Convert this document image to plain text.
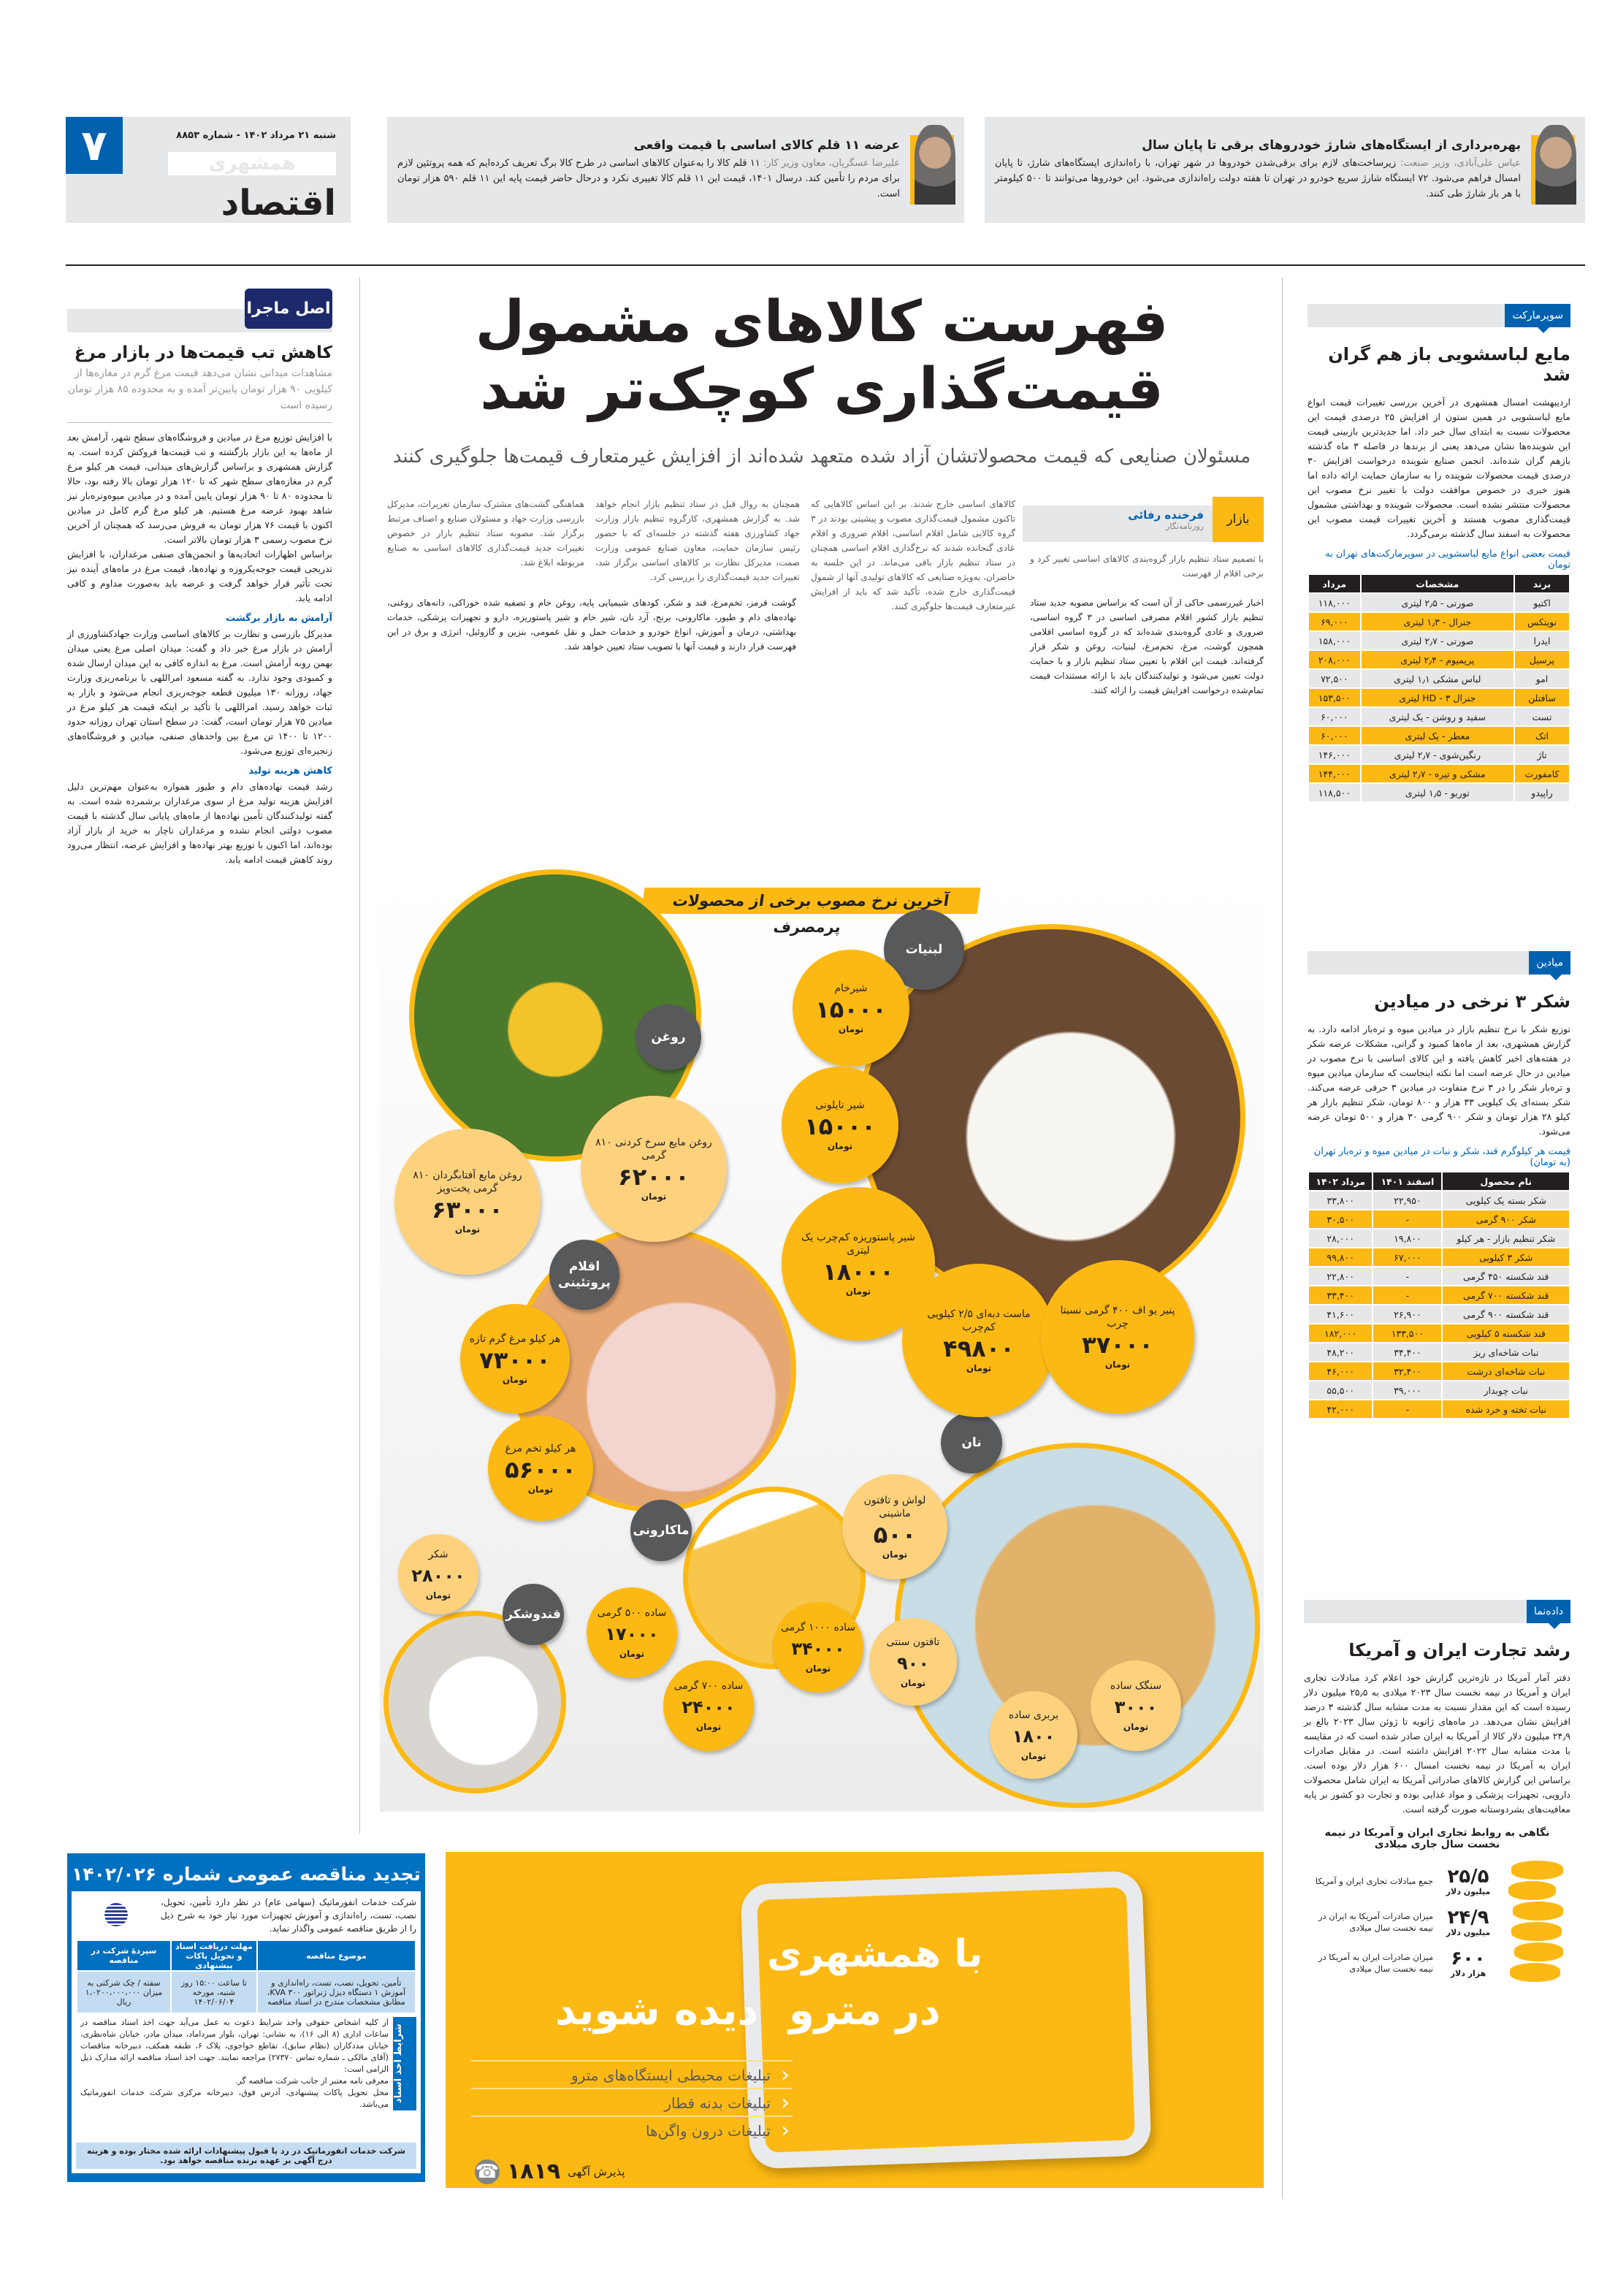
۷	شنبه ۲۱ مرداد ۱۴۰۲ - شماره ۸۸۵۳
همشهری
اقتصاد
عرضه ۱۱ قلم کالای اساسی با قیمت واقعی
علیرضا عسگریان، معاون وزیر کار: ۱۱ قلم کالا را به‌عنوان کالاهای اساسی در طرح کالا برگ تعریف کرده‌ایم که همه پروتئین لازم برای مردم را تأمین کند. درسال ۱۴۰۱، قیمت این ۱۱ قلم کالا تغییری نکرد و درحال حاضر قیمت پایه این ۱۱ قلم ۵۹۰ هزار تومان است.
بهره‌برداری از ایستگاه‌های شارژ خودروهای برقی تا پایان سال
عباس علی‌آبادی، وزیر صنعت: زیرساخت‌های لازم برای برقی‌شدن خودروها در شهر تهران، با راه‌اندازی ایستگاه‌های شارژ، تا پایان امسال فراهم می‌شود. ۷۲ ایستگاه شارژ سریع خودرو در تهران تا هفته دولت راه‌اندازی می‌شود. این خودروها می‌توانند تا ۵۰۰ کیلومتر با هر بار شارژ طی کنند.
اصل ماجرا
کاهش تب قیمت‌ها در بازار مرغ
مشاهدات میدانی نشان می‌دهد قیمت مرغ گرم در مغازه‌ها از کیلویی ۹۰ هزار تومان پایین‌تر آمده و به محدوده ۸۵ هزار تومان رسیده است

با افزایش توزیع مرغ در میادین و فروشگاه‌های سطح شهر، آرامش بعد از ماه‌ها به این بازار بازگشته و تب قیمت‌ها فروکش کرده است. به گزارش همشهری و براساس گزارش‌های میدانی، قیمت هر کیلو مرغ گرم در مغازه‌های سطح شهر که تا ۱۲۰ هزار تومان بالا رفته بود، حالا تا محدوده ۸۰ تا ۹۰ هزار تومان پایین آمده و در میادین میوه‌وتره‌بار نیز شاهد بهبود عرضه مرغ هستیم. هر کیلو مرغ گرم کامل در میادین اکنون با قیمت ۷۶ هزار تومان به فروش می‌رسد که همچنان از آخرین نرخ مصوب رسمی ۳ هزار تومان بالاتر است.

براساس اظهارات اتحادیه‌ها و انجمن‌های صنفی مرغداران، با افزایش تدریجی قیمت جوجه‌یکروزه و نهاده‌ها، قیمت مرغ در ماه‌های آینده نیز تحت تأثیر قرار خواهد گرفت و عرضه باید به‌صورت مداوم و کافی ادامه یابد.

آرامش به بازار برگشت

مدیرکل بازرسی و نظارت بر کالاهای اساسی وزارت جهادکشاورزی از آرامش در بازار مرغ خبر داد و گفت: میدان اصلی مرغ یعنی میدان بهمن روبه آرامش است. مرغ به اندازه کافی به این میدان ارسال شده و کمبودی وجود ندارد. به گفته مسعود امراللهی با برنامه‌ریزی وزارت جهاد، روزانه ۱۳۰ میلیون قطعه جوجه‌ریزی انجام می‌شود و بازار به ثبات خواهد رسید. امراللهی با تأکید بر اینکه قیمت هر کیلو مرغ در میادین ۷۵ هزار تومان است، گفت: در سطح استان تهران روزانه حدود ۱۲۰۰ تا ۱۴۰۰ تن مرغ بین واحدهای صنفی، میادین و فروشگاه‌های زنجیره‌ای توزیع می‌شود.

کاهش هزینه تولید

رشد قیمت نهاده‌های دام و طیور همواره به‌عنوان مهم‌ترین دلیل افزایش هزینه تولید مرغ از سوی مرغداران برشمرده شده است. به گفته تولیدکنندگان تأمین نهاده‌ها از ماه‌های پایانی سال گذشته با قیمت مصوب دولتی انجام نشده و مرغداران ناچار به خرید از بازار آزاد بوده‌اند، اما اکنون با توزیع بهتر نهاده‌ها و افزایش عرضه، انتظار می‌رود روند کاهش قیمت ادامه یابد.

فهرست کالاهای مشمول قیمت‌گذاری کوچک‌تر شد
مسئولان صنایعی که قیمت محصولاتشان آزاد شده متعهد شده‌اند از افزایش غیرمتعارف قیمت‌ها جلوگیری کنند
بازار
فرخنده رفائی
روزنامه‌نگار
با تصمیم ستاد تنظیم بازار گروه‌بندی کالاهای اساسی تغییر کرد و برخی اقلام از فهرست
اخبار غیررسمی حاکی از آن است که براساس مصوبه جدید ستاد تنظیم بازار کشور اقلام مصرفی اساسی در ۳ گروه اساسی، ضروری و عادی گروه‌بندی شده‌اند که در گروه اساسی اقلامی همچون گوشت، مرغ، تخم‌مرغ، لبنیات، روغن و شکر قرار گرفته‌اند. قیمت این اقلام با تعیین ستاد تنظیم بازار و با حمایت دولت تعیین می‌شود و تولیدکنندگان باید با ارائه مستندات قیمت تمام‌شده درخواست افزایش قیمت را ارائه کنند.
کالاهای اساسی خارج شدند. بر این اساس کالاهایی که تاکنون مشمول قیمت‌گذاری مصوب و پیشینی بودند در ۳ گروه کالایی شامل اقلام اساسی، اقلام ضروری و اقلام عادی گنجانده شدند که نرخ‌گذاری اقلام اساسی همچنان در ستاد تنظیم بازار باقی می‌ماند. در این جلسه به حاضران، به‌ویژه صنایعی که کالاهای تولیدی آنها از شمول قیمت‌گذاری خارج شده، تأکید شد که باید از افزایش غیرمتعارف قیمت‌ها جلوگیری کنند.
همچنان به روال قبل در ستاد تنظیم بازار انجام خواهد شد. به گزارش همشهری، کارگروه تنظیم بازار وزارت جهاد کشاورزی هفته گذشته در جلسه‌ای که با حضور رئیس سازمان حمایت، معاون صنایع عمومی وزارت صمت، مدیرکل نظارت بر کالاهای اساسی برگزار شد، تغییرات جدید قیمت‌گذاری را بررسی کرد.
هماهنگی گشت‌های مشترک سازمان تعزیرات، مدیرکل بازرسی وزارت جهاد و مسئولان صنایع و اصناف مرتبط برگزار شد. مصوبه ستاد تنظیم بازار در خصوص تغییرات جدید قیمت‌گذاری کالاهای اساسی به صنایع مربوطه ابلاغ شد.
گوشت قرمز، تخم‌مرغ، قند و شکر، کودهای شیمیایی پایه، روغن خام و تصفیه شده خوراکی، دانه‌های روغنی، نهاده‌های دام و طیور، ماکارونی، برنج، آرد نان، شیر خام و شیر پاستوریزه، دارو و تجهیزات پزشکی، خدمات بهداشتی، درمان و آموزش، انواع خودرو و خدمات حمل و نقل عمومی، بنزین و گازوئیل، انرژی و برق در این فهرست قرار دارند و قیمت آنها با تصویب ستاد تعیین خواهد شد.
آخرین نرخ مصوب برخی از محصولات پرمصرف
لبنیات
روغن
اقلام پروتئینی
نان
ماکارونی
قندوشکر
شیرخام
۱۵۰۰۰
تومان
شیر نایلونی
۱۵۰۰۰
تومان
شیر پاستوریزه کم‌چرب یک لیتری
۱۸۰۰۰
تومان
ماست دبه‌ای ۲/۵ کیلویی کم‌چرب
۴۹۸۰۰
تومان
پنیر یو اف ۴۰۰ گرمی نسبتا چرب
۳۷۰۰۰
تومان
روغن مایع آفتابگردان ۸۱۰ گرمی پخت‌وپز
۶۳۰۰۰
تومان
روغن مایع سرخ کردنی ۸۱۰ گرمی
۶۲۰۰۰
تومان
هر کیلو مرغ گرم تازه
۷۳۰۰۰
تومان
هر کیلو تخم مرغ
۵۶۰۰۰
تومان
لواش و تافتون ماشینی
۵۰۰
تومان
تافتون سنتی
۹۰۰
تومان
بربری ساده
۱۸۰۰
تومان
سنگک ساده
۳۰۰۰
تومان
ساده ۵۰۰ گرمی
۱۷۰۰۰
تومان
ساده ۱۰۰۰ گرمی
۳۴۰۰۰
تومان
ساده ۷۰۰ گرمی
۲۴۰۰۰
تومان
شکر
۲۸۰۰۰
تومان
با همشهری
در مترو
دیده شوید
‹
تبلیغات محیطی ایستگاه‌های مترو
‹
تبلیغات بدنه قطار
‹
تبلیغات درون واگن‌ها
☎ ۱۸۱۹ پذیرش آگهی
تجدید مناقصه عمومی شماره ۱۴۰۲/۰۲۶
شرکت خدمات انفورماتیک (سهامی عام) در نظر دارد تأمین، تحویل، نصب، تست، راه‌اندازی و آموزش تجهیزات مورد نیاز خود به شرح ذیل را از طریق مناقصه عمومی واگذار نماید.
موضوع مناقصه	مهلت دریافت اسناد و تحویل پاکات پیشنهادی	سپردهٔ شرکت در مناقصه
تأمین، تحویل، نصب، تست، راه‌اندازی و آموزش ۱ دستگاه دیزل ژنراتور ۳۰۰ KVA، مطابق مشخصات مندرج در اسناد مناقصه	تا ساعت ۱۵:۰۰ روز شنبه، مورخه ۱۴۰۲/۰۶/۰۴	سفته / چک شرکتی به میزان ۱،۰۲۰۰،۰۰۰،۰۰۰ ریال
شرایط اخذ اسناد
از کلیه اشخاص حقوقی واجد شرایط دعوت به عمل می‌آید جهت اخذ اسناد مناقصه در ساعات اداری (۸ الی ۱۶)، به نشانی: تهران، بلوار میرداماد، میدان مادر، خیابان شاه‌نظری، خیابان مددکاران (نظام سابق)، تقاطع خواجوی، پلاک ۶، طبقه همکف، دبیرخانه مناقصات (آقای مالکی ـ شماره تماس ۲۷۳۷۰) مراجعه نمایند. جهت اخذ اسناد مناقصه ارائه مدارک ذیل الزامی است:
معرفی نامه معتبر از جانب شرکت مناقصه گر.
محل تحویل پاکات پیشنهادی، آدرس فوق، دبیرخانه مرکزی شرکت خدمات انفورماتیک می‌باشد.
شرکت خدمات انفورماتیک در رد یا قبول پیشنهادات ارائه شده مختار بوده و هزینه درج آگهی بر عهده برنده مناقصه خواهد بود.
سوپرمارکت
مایع لباسشویی باز هم گران شد

اردیبهشت امسال همشهری در آخرین بررسی تغییرات قیمت انواع مایع لباسشویی در همین ستون از افزایش ۲۵ درصدی قیمت این محصولات نسبت به ابتدای سال خبر داد. اما جدیدترین بازبینی قیمت این شوینده‌ها نشان می‌دهد یعنی از برندها در فاصله ۳ ماه گذشته بازهم گران شده‌اند. انجمن صنایع شوینده درخواست افزایش ۳۰ درصدی قیمت محصولات شوینده را به سازمان حمایت ارائه داده اما هنوز خبری در خصوص موافقت دولت با تغییر نرخ مصوب این محصولات منتشر نشده است. محصولات شوینده و بهداشتی مشمول قیمت‌گذاری مصوب هستند و آخرین تغییرات قیمت مصوب این محصولات به اسفند سال گذشته برمی‌گردد.

قیمت بعضی انواع مایع لباسشویی در سوپرمارکت‌های تهران به تومان
برند	مشخصات	مرداد
اکتیو	صورتی - ۲٫۵ لیتری	۱۱۸,۰۰۰
نویتکس	جنرال - ۱٫۳ لیتری	۶۹,۰۰۰
ایدرا	صورتی - ۲٫۷ لیتری	۱۵۸,۰۰۰
پرسیل	پریمیوم - ۲٫۴ لیتری	۲۰۸,۰۰۰
امو	لباس مشکی ۱٫۱ لیتری	۷۲,۵۰۰
سافتلن	جنرال HD - ۳ لیتری	۱۵۳,۵۰۰
تست	سفید و روشن - یک لیتری	۶۰,۰۰۰
اتک	معطر - یک لیتری	۶۰,۰۰۰
تاژ	رنگین‌شوی - ۲٫۷ لیتری	۱۴۶,۰۰۰
کامفورت	مشکی و تیره - ۲٫۷ لیتری	۱۴۴,۰۰۰
راپیدو	توربو - ۱٫۵ لیتری	۱۱۸,۵۰۰
میادین
شکر ۳ نرخی در میادین

توزیع شکر با نرخ تنظیم بازار در میادین میوه و تره‌بار ادامه دارد. به گزارش همشهری، بعد از ماه‌ها کمبود و گرانی، مشکلات عرضه شکر در هفته‌های اخیر کاهش یافته و این کالای اساسی با نرخ مصوب در میادین در حال عرضه است اما نکته اینجاست که سازمان میادین میوه و تره‌بار شکر را در ۳ نرخ متفاوت در میادین ۳ حرفی عرضه می‌کند. شکر بسته‌ای یک کیلویی ۳۳ هزار و ۸۰۰ تومان، شکر تنظیم بازار هر کیلو ۲۸ هزار تومان و شکر ۹۰۰ گرمی ۳۰ هزار و ۵۰۰ تومان عرضه می‌شود.

قیمت هر کیلوگرم قند، شکر و نبات در میادین میوه و تره‌بار تهران (به تومان)
نام محصول	اسفند ۱۴۰۱	مرداد ۱۴۰۲
شکر بسته یک کیلویی	۲۲,۹۵۰	۳۳,۸۰۰
شکر ۹۰۰ گرمی	-	۳۰,۵۰۰
شکر تنظیم بازار - هر کیلو	۱۹,۸۰۰	۲۸,۰۰۰
شکر ۳ کیلویی	۶۷,۰۰۰	۹۹,۸۰۰
قند شکسته ۴۵۰ گرمی	-	۲۲,۸۰۰
قند شکسته ۷۰۰ گرمی	-	۳۳,۴۰۰
قند شکسته ۹۰۰ گرمی	۲۶,۹۰۰	۴۱,۶۰۰
قند شکسته ۵ کیلویی	۱۳۳,۵۰۰	۱۸۲,۰۰۰
نبات شاخه‌ای ریز	۳۴,۴۰۰	۴۸,۲۰۰
نبات شاخه‌ای درشت	۳۲,۴۰۰	۴۶,۰۰۰
نبات چوبدار	۳۹,۰۰۰	۵۵,۵۰۰
نبات تخته و خرد شده	-	۴۲,۰۰۰
داده‌نما
رشد تجارت ایران و آمریکا

دفتر آمار آمریکا در تازه‌ترین گزارش خود اعلام کرد مبادلات تجاری ایران و آمریکا در نیمه نخست سال ۲۰۲۳ میلادی به ۲۵٫۵ میلیون دلار رسیده است که این مقدار نسبت به مدت مشابه سال گذشته ۳ درصد افزایش نشان می‌دهد. در ماه‌های ژانویه تا ژوئن سال ۲۰۲۳ بالغ بر ۲۴٫۹ میلیون دلار کالا از آمریکا به ایران صادر شده است که در مقایسه با مدت مشابه سال ۲۰۲۲ افزایش داشته است. در مقابل صادرات ایران به آمریکا در نیمه نخست امسال ۶۰۰ هزار دلار بوده است. براساس این گزارش کالاهای صادراتی آمریکا به ایران شامل محصولات دارویی، تجهیزات پزشکی و مواد غذایی بوده و تجارت دو کشور بر پایه معافیت‌های بشردوستانه صورت گرفته است.

نگاهی به روابط تجاری ایران و آمریکا در نیمه نخست سال جاری میلادی
۲۵/۵
میلیون دلار
جمع مبادلات تجاری ایران و آمریکا
۲۴/۹
میلیون دلار
میزان صادرات آمریکا به ایران در نیمه نخست سال میلادی
۶۰۰
هزار دلار
میزان صادرات ایران به آمریکا در نیمه نخست سال میلادی
